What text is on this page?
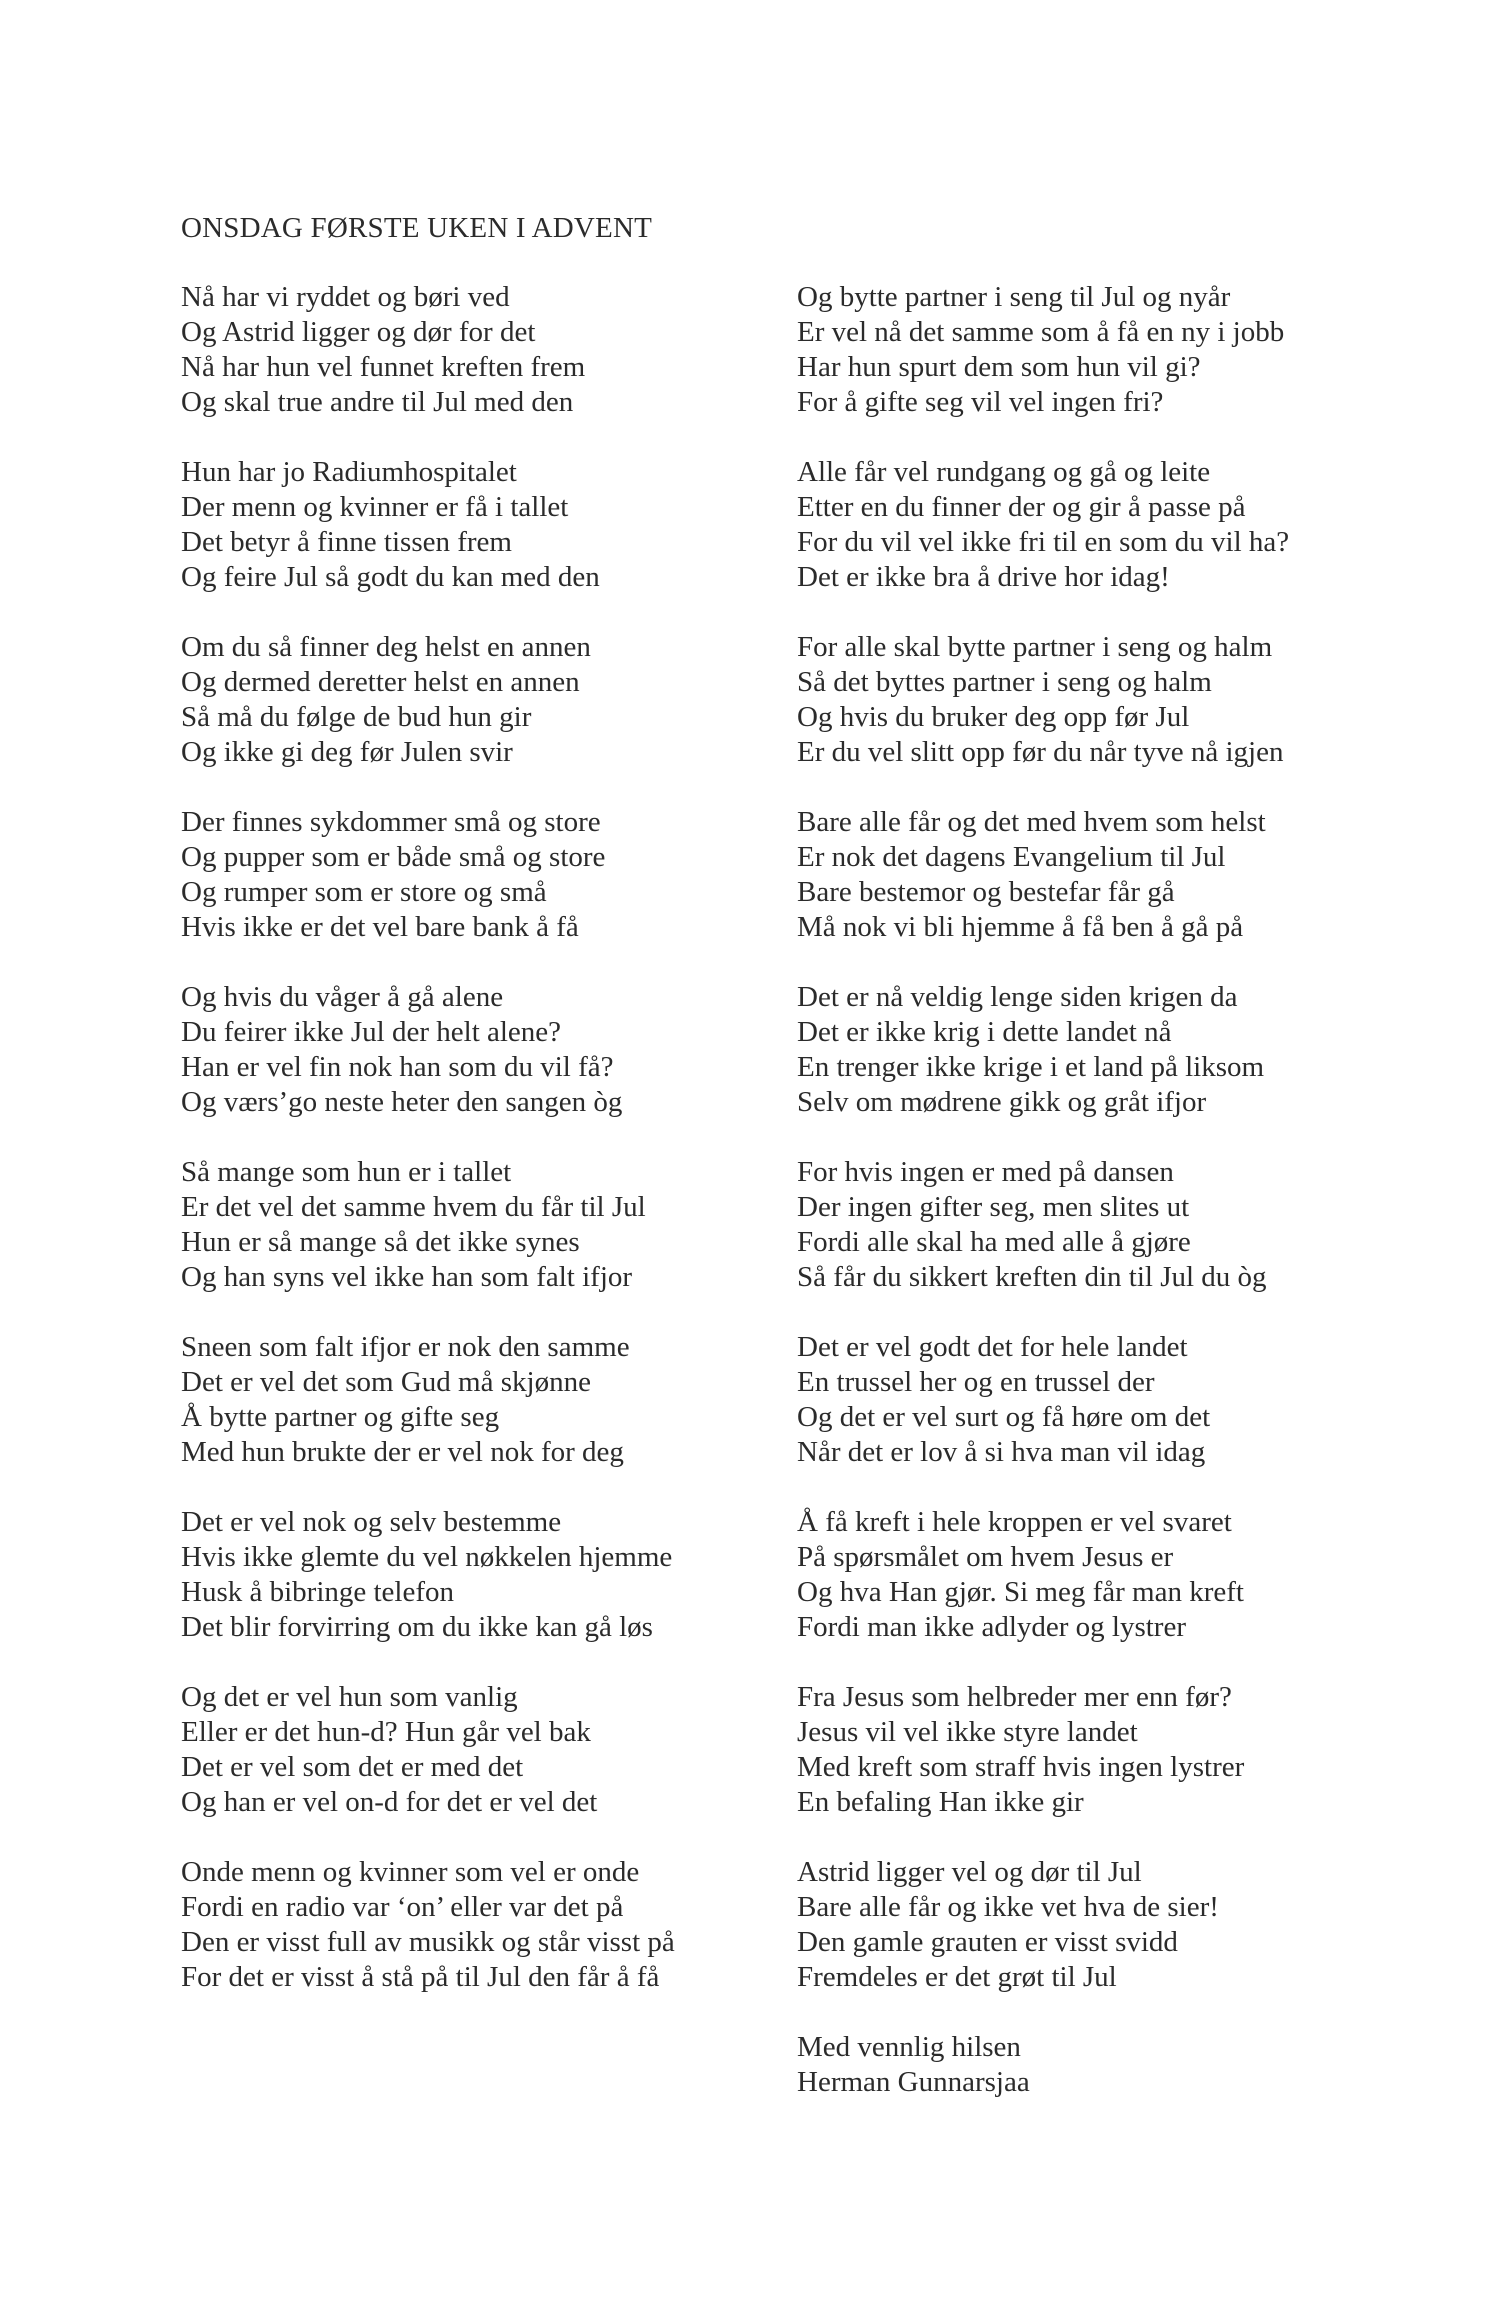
ONSDAG FØRSTE UKEN I ADVENT
Nå har vi ryddet og børi ved
Og Astrid ligger og dør for det
Nå har hun vel funnet kreften frem
Og skal true andre til Jul med den
Hun har jo Radiumhospitalet
Der menn og kvinner er få i tallet
Det betyr å finne tissen frem
Og feire Jul så godt du kan med den
Om du så finner deg helst en annen
Og dermed deretter helst en annen
Så må du følge de bud hun gir
Og ikke gi deg før Julen svir
Der finnes sykdommer små og store
Og pupper som er både små og store
Og rumper som er store og små
Hvis ikke er det vel bare bank å få
Og hvis du våger å gå alene
Du feirer ikke Jul der helt alene?
Han er vel fin nok han som du vil få?
Og værs’go neste heter den sangen òg
Så mange som hun er i tallet
Er det vel det samme hvem du får til Jul
Hun er så mange så det ikke synes
Og han syns vel ikke han som falt ifjor
Sneen som falt ifjor er nok den samme
Det er vel det som Gud må skjønne
Å bytte partner og gifte seg
Med hun brukte der er vel nok for deg
Det er vel nok og selv bestemme
Hvis ikke glemte du vel nøkkelen hjemme
Husk å bibringe telefon
Det blir forvirring om du ikke kan gå løs
Og det er vel hun som vanlig
Eller er det hun-d? Hun går vel bak
Det er vel som det er med det
Og han er vel on-d for det er vel det
Onde menn og kvinner som vel er onde
Fordi en radio var ‘on’ eller var det på
Den er visst full av musikk og står visst på
For det er visst å stå på til Jul den får å få
Og bytte partner i seng til Jul og nyår
Er vel nå det samme som å få en ny i jobb
Har hun spurt dem som hun vil gi?
For å gifte seg vil vel ingen fri?
Alle får vel rundgang og gå og leite
Etter en du finner der og gir å passe på
For du vil vel ikke fri til en som du vil ha?
Det er ikke bra å drive hor idag!
For alle skal bytte partner i seng og halm
Så det byttes partner i seng og halm
Og hvis du bruker deg opp før Jul
Er du vel slitt opp før du når tyve nå igjen
Bare alle får og det med hvem som helst
Er nok det dagens Evangelium til Jul
Bare bestemor og bestefar får gå
Må nok vi bli hjemme å få ben å gå på
Det er nå veldig lenge siden krigen da
Det er ikke krig i dette landet nå
En trenger ikke krige i et land på liksom
Selv om mødrene gikk og gråt ifjor
For hvis ingen er med på dansen
Der ingen gifter seg, men slites ut
Fordi alle skal ha med alle å gjøre
Så får du sikkert kreften din til Jul du òg
Det er vel godt det for hele landet
En trussel her og en trussel der
Og det er vel surt og få høre om det
Når det er lov å si hva man vil idag
Å få kreft i hele kroppen er vel svaret
På spørsmålet om hvem Jesus er
Og hva Han gjør. Si meg får man kreft
Fordi man ikke adlyder og lystrer
Fra Jesus som helbreder mer enn før?
Jesus vil vel ikke styre landet
Med kreft som straff hvis ingen lystrer
En befaling Han ikke gir
Astrid ligger vel og dør til Jul
Bare alle får og ikke vet hva de sier!
Den gamle grauten er visst svidd
Fremdeles er det grøt til Jul
Med vennlig hilsen
Herman Gunnarsjaa
